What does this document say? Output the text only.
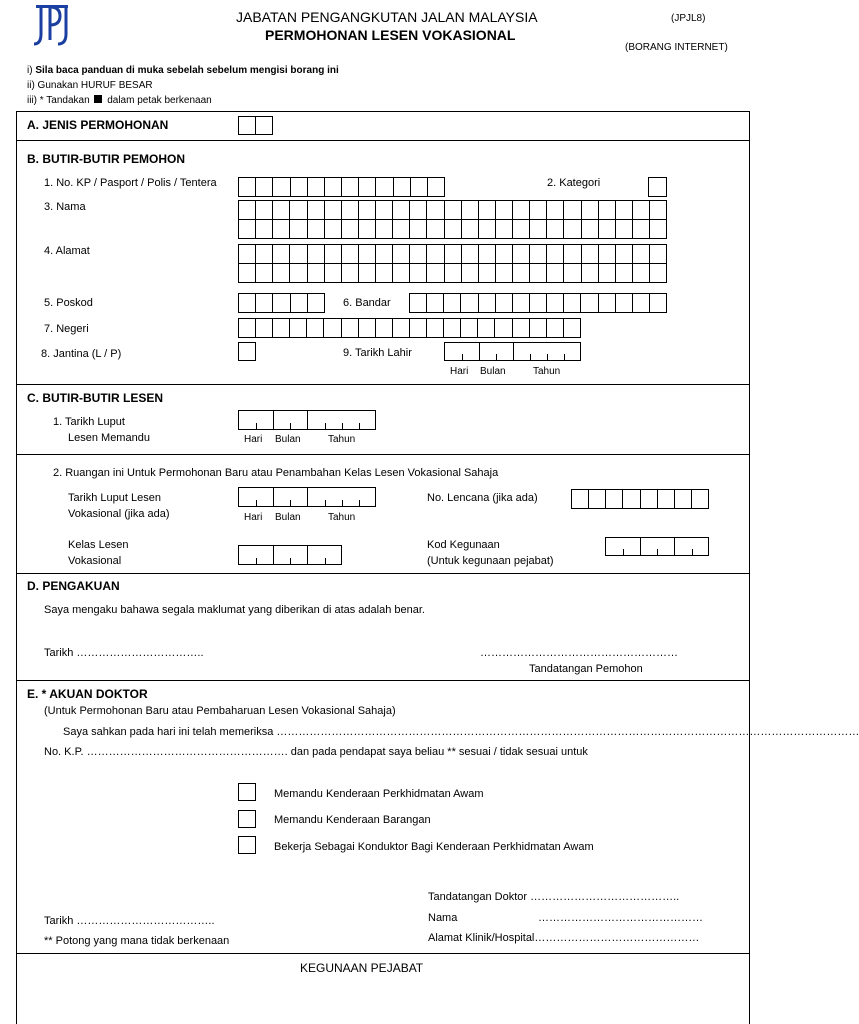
JABATAN PENGANGKUTAN JALAN MALAYSIA
PERMOHONAN LESEN VOKASIONAL
(JPJL8)
(BORANG INTERNET)
i) Sila baca panduan di muka sebelah sebelum mengisi borang ini
ii) Gunakan HURUF BESAR
iii) * Tandakan dalam petak berkenaan
A. JENIS PERMOHONAN
B. BUTIR-BUTIR PEMOHON
1. No. KP / Pasport / Polis / Tentera	2. Kategori
3. Nama
4. Alamat
5. Poskod	6. Bandar
7. Negeri
8. Jantina (L / P)	9. Tarikh Lahir
Hari Bulan	Tahun
C. BUTIR-BUTIR LESEN
1. Tarikh Luput
Lesen Memandu	Hari Bulan	Tahun
2. Ruangan ini Untuk Permohonan Baru atau Penambahan Kelas Lesen Vokasional Sahaja
Tarikh Luput Lesen
Vokasional (jika ada)	Hari Bulan	Tahun
No. Lencana (jika ada)
Kelas Lesen
Vokasional
Kod Kegunaan
(Untuk kegunaan pejabat)
D. PENGAKUAN
Saya mengaku bahawa segala maklumat yang diberikan di atas adalah benar.
Tarikh ……………………………..	………………………………………………
Tandatangan Pemohon
E. * AKUAN DOKTOR
(Untuk Permohonan Baru atau Pembaharuan Lesen Vokasional Sahaja)
Saya sahkan pada hari ini telah memeriksa ……………………………………………………………………………………………………………………………………………
No. K.P. ………………………………………………. dan pada pendapat saya beliau ** sesuai / tidak sesuai untuk
Memandu Kenderaan Perkhidmatan Awam
Memandu Kenderaan Barangan
Bekerja Sebagai Konduktor Bagi Kenderaan Perkhidmatan Awam
Tandatangan Doktor …………………………………..
Nama	………………………………………
Alamat Klinik/Hospital………………………………………
Tarikh ………………………………..
** Potong yang mana tidak berkenaan
KEGUNAAN PEJABAT
